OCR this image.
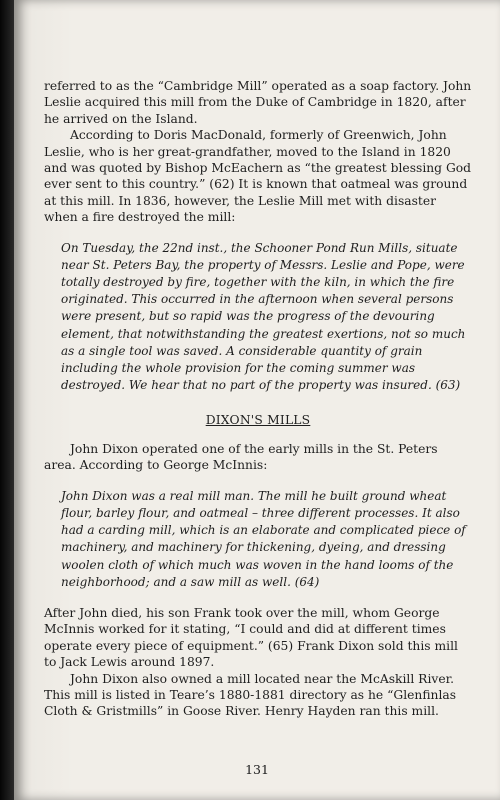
referred to as the “Cambridge Mill” operated as a soap factory. John Leslie acquired this mill from the Duke of Cambridge in 1820, after he arrived on the Island.

According to Doris MacDonald, formerly of Greenwich, John Leslie, who is her great-grandfather, moved to the Island in 1820 and was quoted by Bishop McEachern as “the greatest blessing God ever sent to this country.” (62) It is known that oatmeal was ground at this mill. In 1836, however, the Leslie Mill met with disaster when a fire destroyed the mill:

On Tuesday, the 22nd inst., the Schooner Pond Run Mills, situate near St. Peters Bay, the property of Messrs. Leslie and Pope, were totally destroyed by fire, together with the kiln, in which the fire originated. This occurred in the afternoon when several persons were present, but so rapid was the progress of the devouring element, that notwithstanding the greatest exertions, not so much as a single tool was saved. A considerable quantity of grain including the whole provision for the coming summer was destroyed. We hear that no part of the property was insured. (63)

DIXON'S MILLS

John Dixon operated one of the early mills in the St. Peters area. According to George McInnis:

John Dixon was a real mill man. The mill he built ground wheat flour, barley flour, and oatmeal – three different processes. It also had a carding mill, which is an elaborate and complicated piece of machinery, and machinery for thickening, dyeing, and dressing woolen cloth of which much was woven in the hand looms of the neighborhood; and a saw mill as well. (64)

After John died, his son Frank took over the mill, whom George McInnis worked for it stating, “I could and did at different times operate every piece of equipment.” (65) Frank Dixon sold this mill to Jack Lewis around 1897.

John Dixon also owned a mill located near the McAskill River. This mill is listed in Teare’s 1880-1881 directory as he “Glenfinlas Cloth & Gristmills” in Goose River. Henry Hayden ran this mill.

131
